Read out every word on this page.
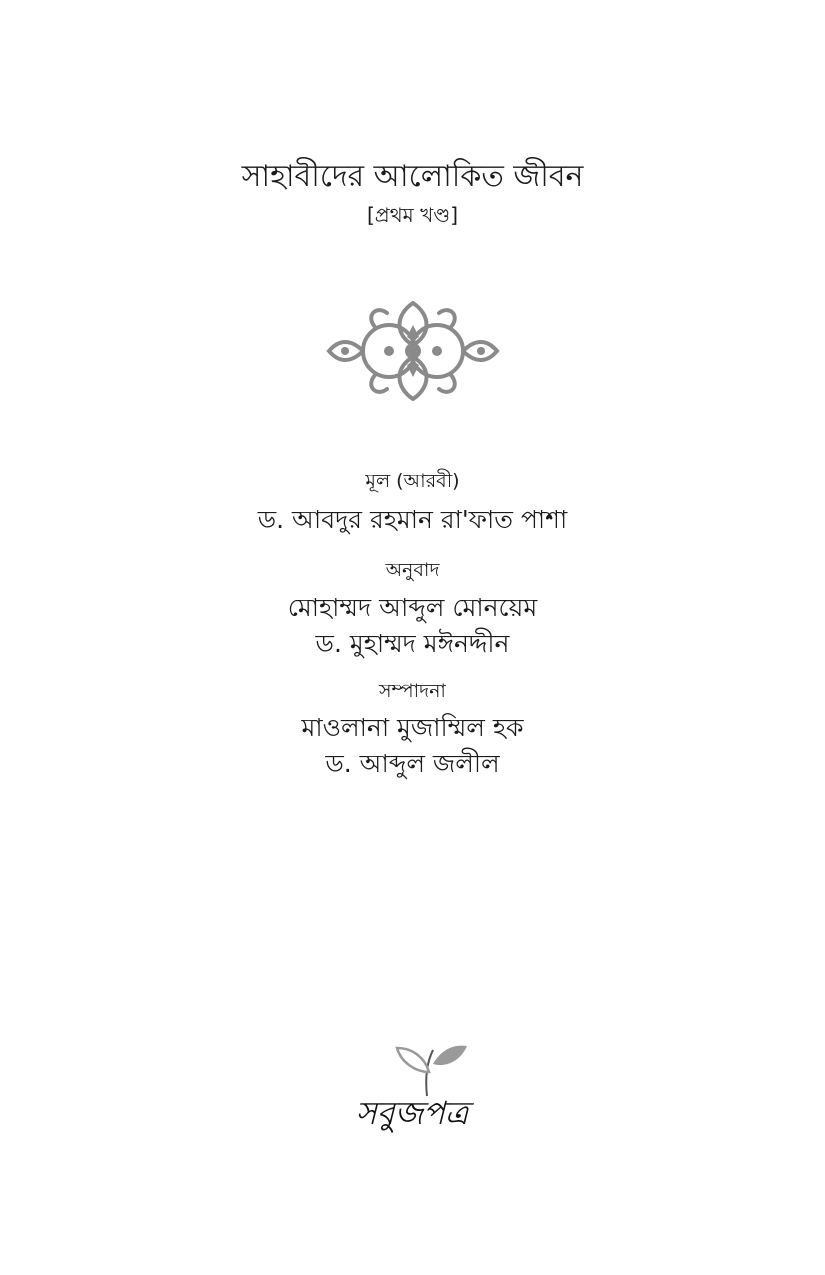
সাহাবীদের আলোকিত জীবন
[প্রথম খণ্ড]
মূল (আরবী)
ড. আবদুর রহমান রা'ফাত পাশা
অনুবাদ
মোহাম্মদ আব্দুল মোনয়েম
ড. মুহাম্মদ মঈনদ্দীন
সম্পাদনা
মাওলানা মুজাম্মিল হক
ড. আব্দুল জলীল
সবুজপত্র
